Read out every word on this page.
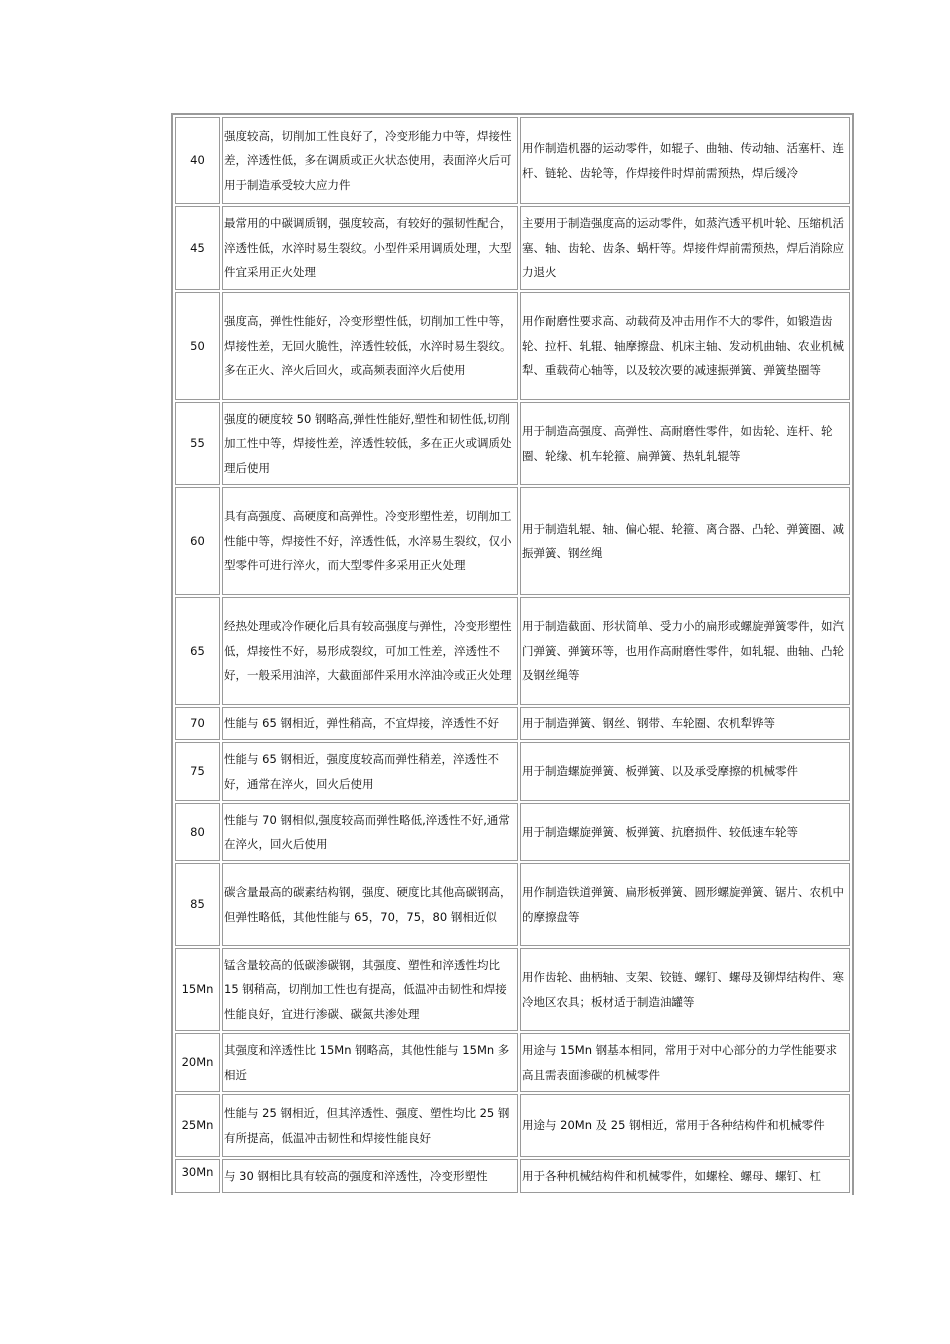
40	强度较高，切削加工性良好了，冷变形能力中等，焊接性差，淬透性低，多在调质或正火状态使用，表面淬火后可用于制造承受较大应力件	用作制造机器的运动零件，如辊子、曲轴、传动轴、活塞杆、连杆、链轮、齿轮等，作焊接件时焊前需预热，焊后缓冷
45	最常用的中碳调质钢，强度较高，有较好的强韧性配合，淬透性低，水淬时易生裂纹。小型件采用调质处理，大型件宜采用正火处理	主要用于制造强度高的运动零件，如蒸汽透平机叶轮、压缩机活塞、轴、齿轮、齿条、蜗杆等。焊接件焊前需预热，焊后消除应力退火
50	强度高，弹性性能好，冷变形塑性低，切削加工性中等，焊接性差，无回火脆性，淬透性较低，水淬时易生裂纹。多在正火、淬火后回火，或高频表面淬火后使用	用作耐磨性要求高、动载荷及冲击用作不大的零件，如锻造齿轮、拉杆、轧辊、轴摩擦盘、机床主轴、发动机曲轴、农业机械犁、重载荷心轴等，以及较次要的减速振弹簧、弹簧垫圈等
55	强度的硬度较 50 钢略高,弹性性能好,塑性和韧性低,切削加工性中等，焊接性差，淬透性较低，多在正火或调质处理后使用	用于制造高强度、高弹性、高耐磨性零件，如齿轮、连杆、轮圈、轮缘、机车轮箍、扁弹簧、热轧轧辊等
60	具有高强度、高硬度和高弹性。冷变形塑性差，切削加工性能中等，焊接性不好，淬透性低，水淬易生裂纹，仅小型零件可进行淬火，而大型零件多采用正火处理	用于制造轧辊、轴、偏心辊、轮箍、离合器、凸轮、弹簧圈、减振弹簧、钢丝绳
65	经热处理或冷作硬化后具有较高强度与弹性，冷变形塑性低，焊接性不好，易形成裂纹，可加工性差，淬透性不好，一般采用油淬，大截面部件采用水淬油冷或正火处理	用于制造截面、形状简单、受力小的扁形或螺旋弹簧零件，如汽门弹簧、弹簧环等，也用作高耐磨性零件，如轧辊、曲轴、凸轮及钢丝绳等
70	性能与 65 钢相近，弹性稍高，不宜焊接，淬透性不好	用于制造弹簧、钢丝、钢带、车轮圈、农机犁铧等
75	性能与 65 钢相近，强度度较高而弹性稍差，淬透性不好，通常在淬火，回火后使用	用于制造螺旋弹簧、板弹簧、以及承受摩擦的机械零件
80	性能与 70 钢相似,强度较高而弹性略低,淬透性不好,通常在淬火，回火后使用	用于制造螺旋弹簧、板弹簧、抗磨损件、较低速车轮等
85	碳含量最高的碳素结构钢，强度、硬度比其他高碳钢高，但弹性略低，其他性能与 65，70，75，80 钢相近似	用作制造铁道弹簧、扁形板弹簧、圆形螺旋弹簧、锯片、农机中的摩擦盘等
15Mn	锰含量较高的低碳渗碳钢，其强度、塑性和淬透性均比 15 钢稍高，切削加工性也有提高，低温冲击韧性和焊接性能良好，宜进行渗碳、碳氮共渗处理	用作齿轮、曲柄轴、支架、铰链、螺钉、螺母及铆焊结构件、寒冷地区农具；板材适于制造油罐等
20Mn	其强度和淬透性比 15Mn 钢略高，其他性能与 15Mn 多相近	用途与 15Mn 钢基本相同，常用于对中心部分的力学性能要求高且需表面渗碳的机械零件
25Mn	性能与 25 钢相近，但其淬透性、强度、塑性均比 25 钢有所提高，低温冲击韧性和焊接性能良好	用途与 20Mn 及 25 钢相近，常用于各种结构件和机械零件
30Mn	与 30 钢相比具有较高的强度和淬透性，冷变形塑性	用于各种机械结构件和机械零件，如螺栓、螺母、螺钉、杠
